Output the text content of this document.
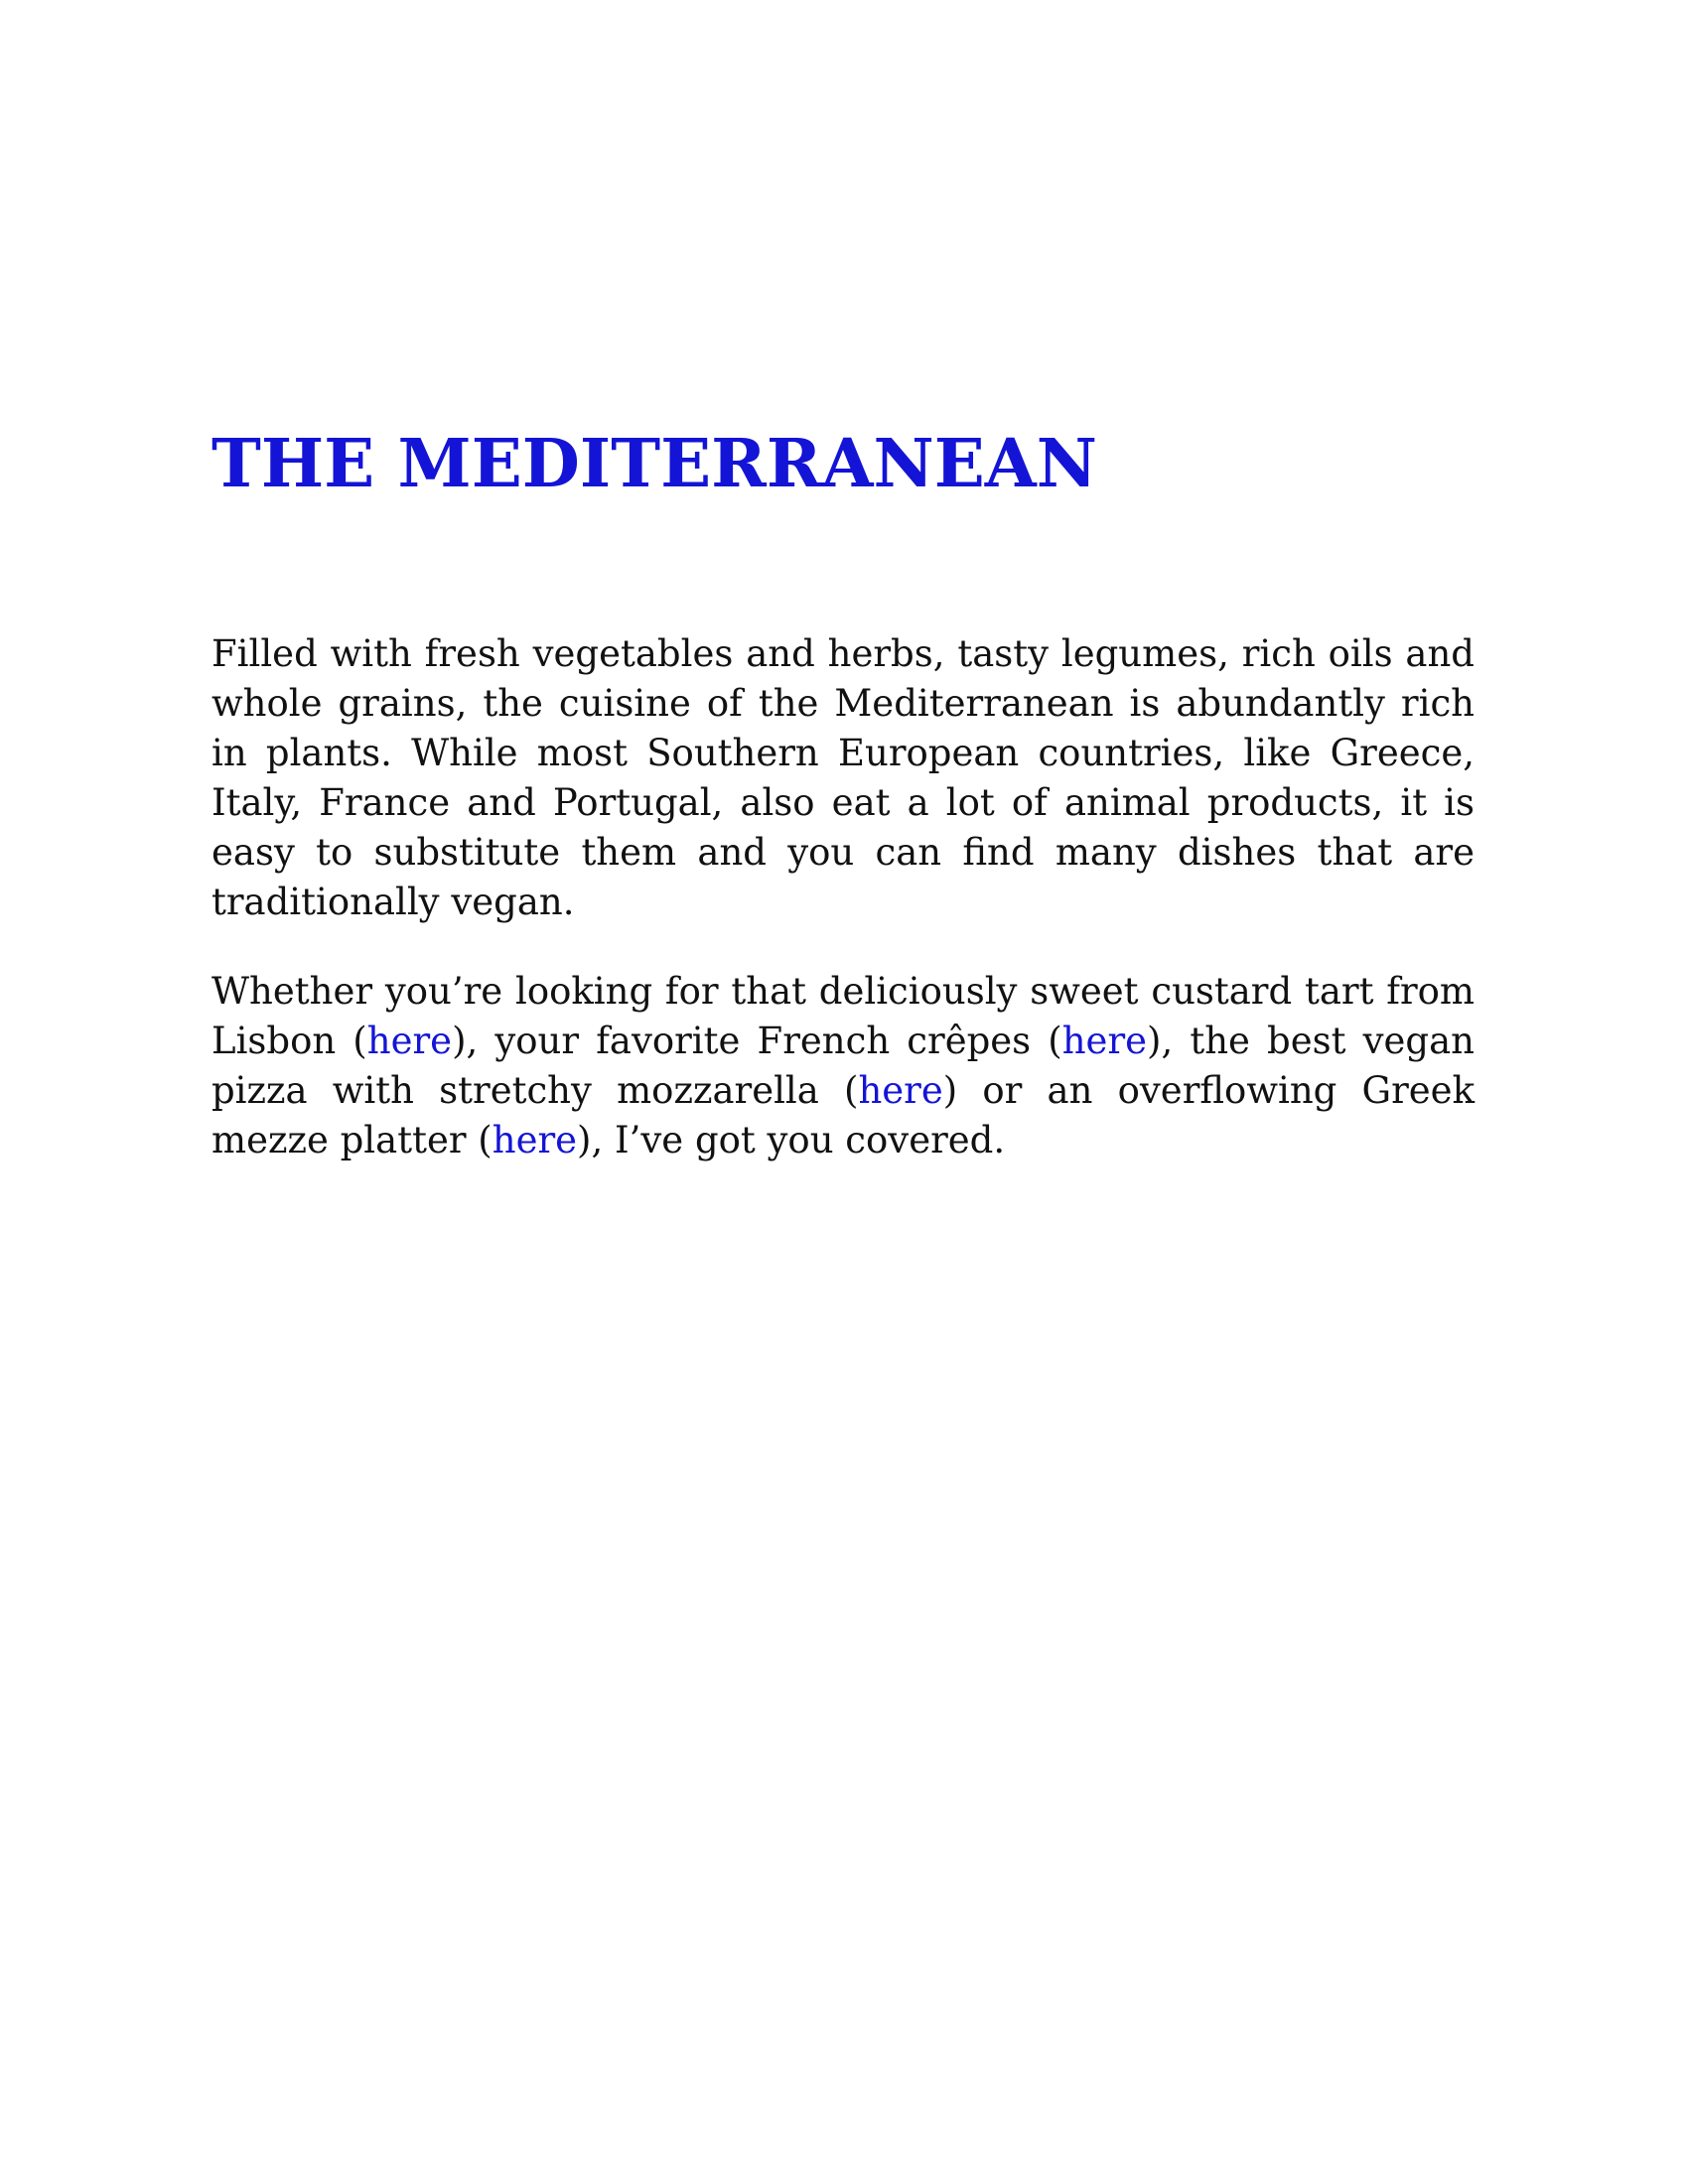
THE MEDITERRANEAN

Filled with fresh vegetables and herbs, tasty legumes, rich oils and whole grains, the cuisine of the Mediterranean is abundantly rich in plants. While most Southern European countries, like Greece, Italy, France and Portugal, also eat a lot of animal products, it is easy to substitute them and you can find many dishes that are traditionally vegan.

Whether you’re looking for that deliciously sweet custard tart from Lisbon (here), your favorite French crêpes (here), the best vegan pizza with stretchy mozzarella (here) or an overflowing Greek mezze platter (here), I’ve got you covered.
